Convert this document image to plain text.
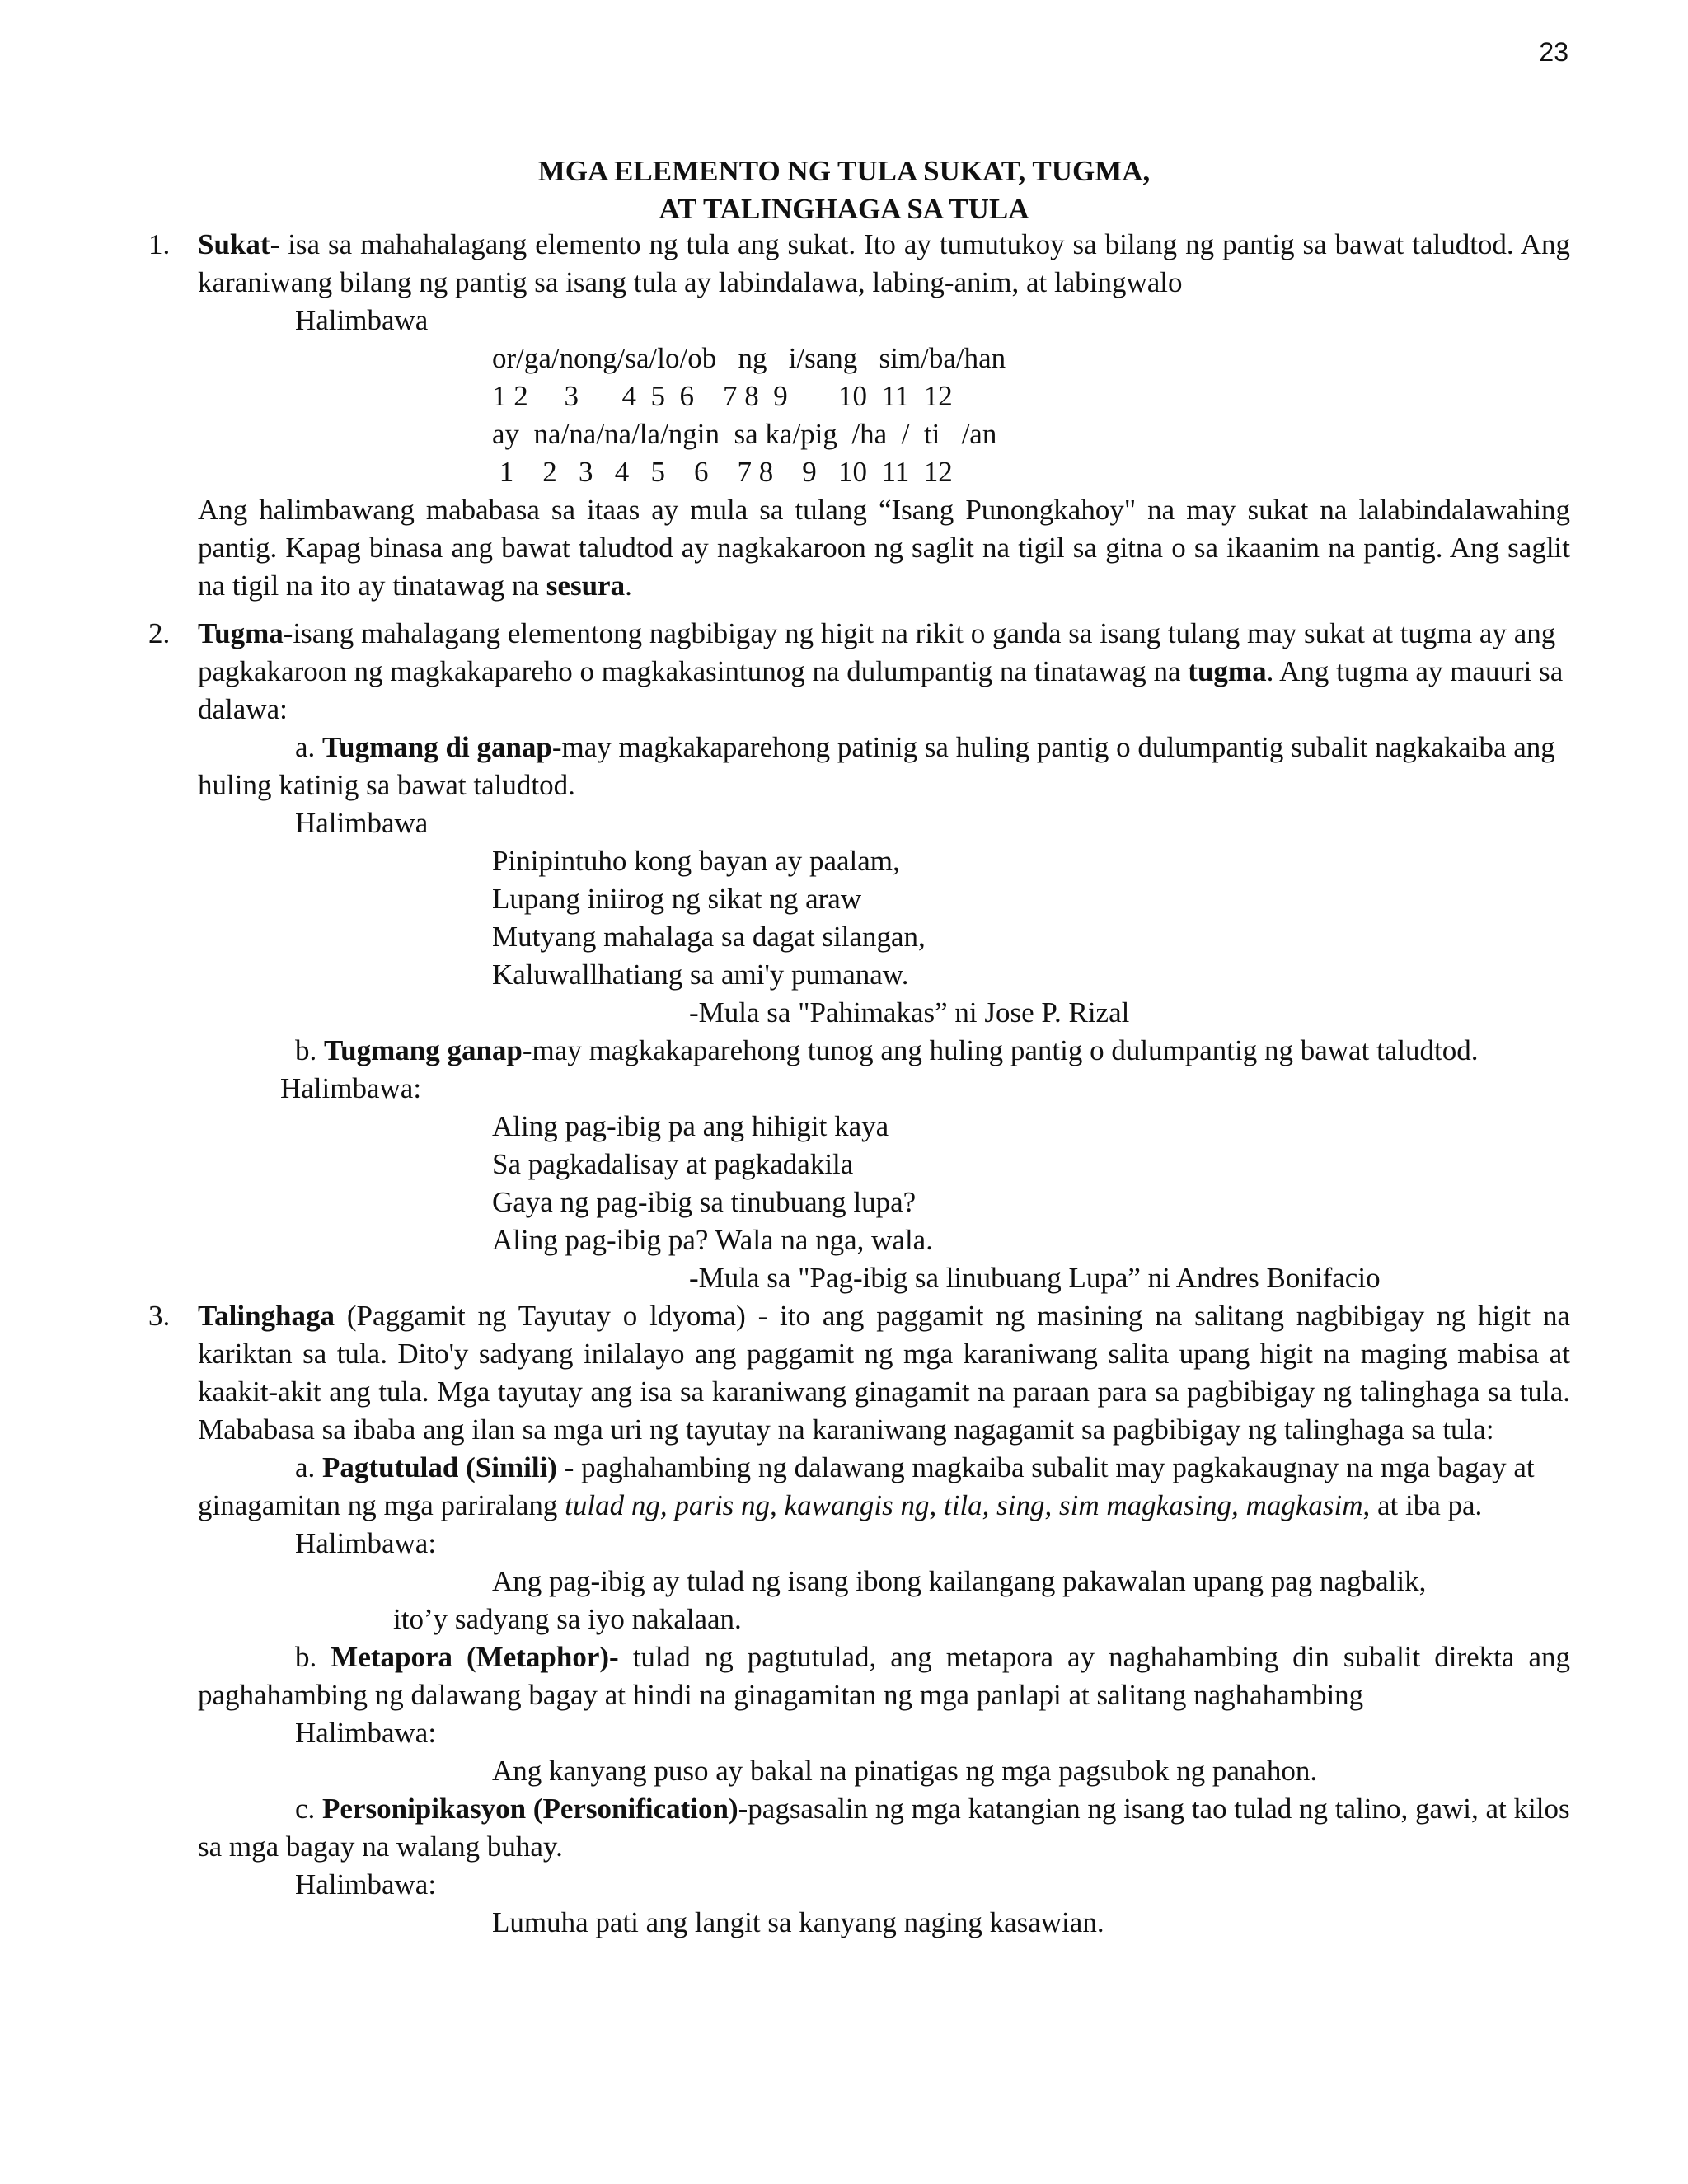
23
MGA ELEMENTO NG TULA SUKAT, TUGMA,
AT TALINGHAGA SA TULA
1. Sukat- isa sa mahahalagang elemento ng tula ang sukat. Ito ay tumutukoy sa bilang ng pantig sa bawat taludtod. Ang karaniwang bilang ng pantig sa isang tula ay labindalawa, labing-anim, at labingwalo
Halimbawa
or/ga/nong/sa/lo/ob   ng   i/sang   sim/ba/han
1 2     3      4  5  6    7 8  9       10  11  12
ay  na/na/na/la/ngin  sa ka/pig  /ha  /  ti   /an
1    2   3   4   5    6    7 8    9   10  11  12
Ang halimbawang mababasa sa itaas ay mula sa tulang “Isang Punongkahoy" na may sukat na lalabindalawahing pantig. Kapag binasa ang bawat taludtod ay nagkakaroon ng saglit na tigil sa gitna o sa ikaanim na pantig. Ang saglit na tigil na ito ay tinatawag na sesura.
2. Tugma-isang mahalagang elementong nagbibigay ng higit na rikit o ganda sa isang tulang may sukat at tugma ay ang pagkakaroon ng magkakapareho o magkakasintunog na dulumpantig na tinatawag na tugma. Ang tugma ay mauuri sa dalawa:
a. Tugmang di ganap-may magkakaparehong patinig sa huling pantig o dulumpantig subalit nagkakaiba ang huling katinig sa bawat taludtod.
Halimbawa
Pinipintuho kong bayan ay paalam,
Lupang iniirog ng sikat ng araw
Mutyang mahalaga sa dagat silangan,
Kaluwallhatiang sa ami'y pumanaw.
-Mula sa "Pahimakas” ni Jose P. Rizal
b. Tugmang ganap-may magkakaparehong tunog ang huling pantig o dulumpantig ng bawat taludtod. Halimbawa:
Aling pag-ibig pa ang hihigit kaya
Sa pagkadalisay at pagkadakila
Gaya ng pag-ibig sa tinubuang lupa?
Aling pag-ibig pa? Wala na nga, wala.
-Mula sa "Pag-ibig sa linubuang Lupa” ni Andres Bonifacio
3. Talinghaga (Paggamit ng Tayutay o ldyoma) - ito ang paggamit ng masining na salitang nagbibigay ng higit na kariktan sa tula. Dito'y sadyang inilalayo ang paggamit ng mga karaniwang salita upang higit na maging mabisa at kaakit-akit ang tula. Mga tayutay ang isa sa karaniwang ginagamit na paraan para sa pagbibigay ng talinghaga sa tula. Mababasa sa ibaba ang ilan sa mga uri ng tayutay na karaniwang nagagamit sa pagbibigay ng talinghaga sa tula:
a. Pagtutulad (Simili) - paghahambing ng dalawang magkaiba subalit may pagkakaugnay na mga bagay at ginagamitan ng mga pariralang tulad ng, paris ng, kawangis ng, tila, sing, sim magkasing, magkasim, at iba pa.
Halimbawa:
Ang pag-ibig ay tulad ng isang ibong kailangang pakawalan upang pag nagbalik,
ito’y sadyang sa iyo nakalaan.
b. Metapora (Metaphor)- tulad ng pagtutulad, ang metapora ay naghahambing din subalit direkta ang paghahambing ng dalawang bagay at hindi na ginagamitan ng mga panlapi at salitang naghahambing
Halimbawa:
Ang kanyang puso ay bakal na pinatigas ng mga pagsubok ng panahon.
c. Personipikasyon (Personification)-pagsasalin ng mga katangian ng isang tao tulad ng talino, gawi, at kilos sa mga bagay na walang buhay.
Halimbawa:
Lumuha pati ang langit sa kanyang naging kasawian.
